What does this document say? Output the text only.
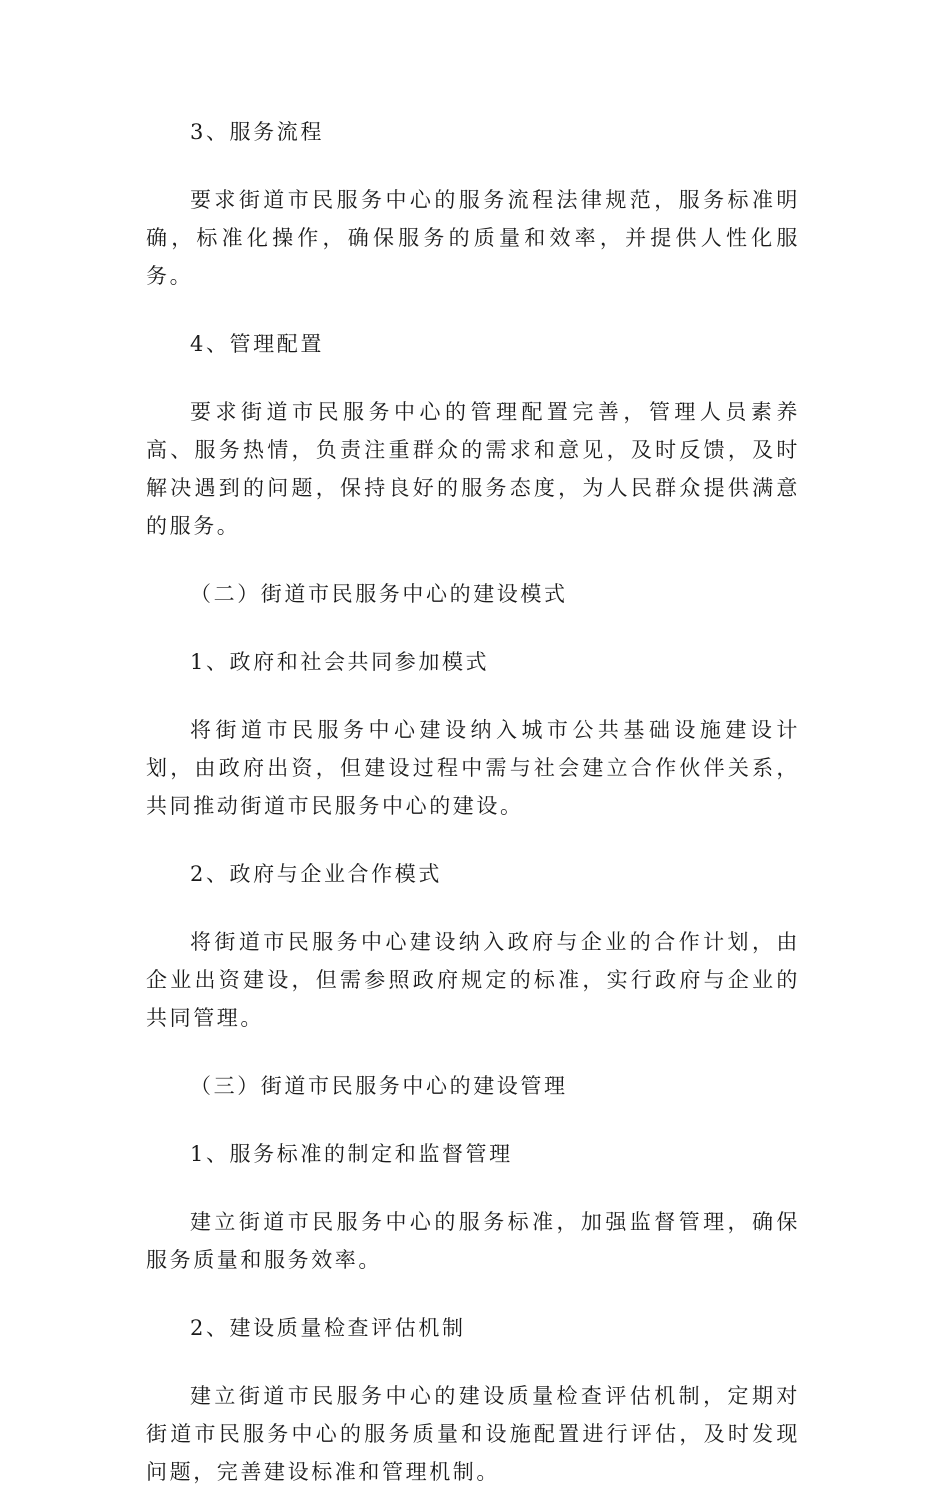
3、服务流程

要求街道市民服务中心的服务流程法律规范，服务标准明确，标准化操作，确保服务的质量和效率，并提供人性化服务。

4、管理配置

要求街道市民服务中心的管理配置完善，管理人员素养高、服务热情，负责注重群众的需求和意见，及时反馈，及时解决遇到的问题，保持良好的服务态度，为人民群众提供满意的服务。

（二）街道市民服务中心的建设模式

1、政府和社会共同参加模式

将街道市民服务中心建设纳入城市公共基础设施建设计划，由政府出资，但建设过程中需与社会建立合作伙伴关系，共同推动街道市民服务中心的建设。

2、政府与企业合作模式

将街道市民服务中心建设纳入政府与企业的合作计划，由企业出资建设，但需参照政府规定的标准，实行政府与企业的共同管理。

（三）街道市民服务中心的建设管理

1、服务标准的制定和监督管理

建立街道市民服务中心的服务标准，加强监督管理，确保服务质量和服务效率。

2、建设质量检查评估机制

建立街道市民服务中心的建设质量检查评估机制，定期对街道市民服务中心的服务质量和设施配置进行评估，及时发现问题，完善建设标准和管理机制。
